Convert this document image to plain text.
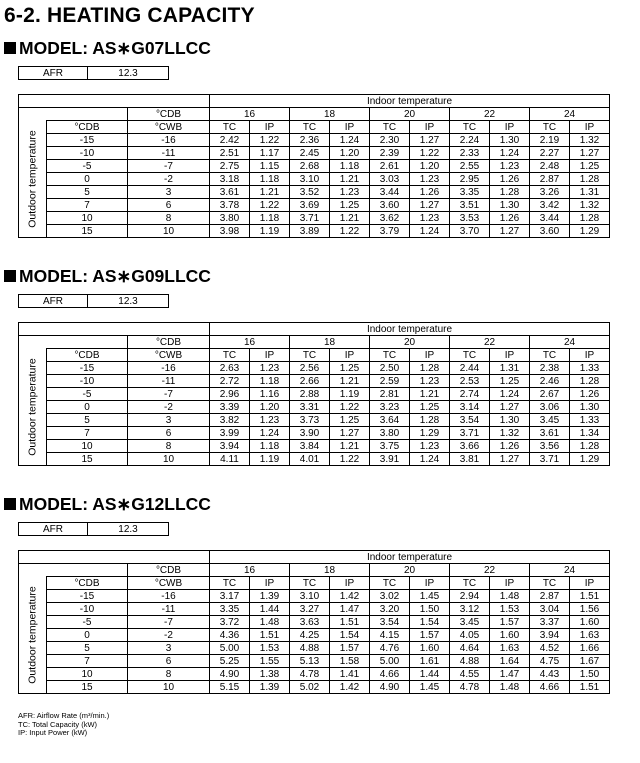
6-2. HEATING CAPACITY
MODEL: AS∗G07LLCC
AFR	12.3
			Indoor temperature									
		°CDB	16		18		20		22		24	

Outdoor temperature	°CDB	°CWB	TC	IP	TC	IP	TC	IP	TC	IP	TC	IP
	-15	-16	2.42	1.22	2.36	1.24	2.30	1.27	2.24	1.30	2.19	1.32
	-10	-11	2.51	1.17	2.45	1.20	2.39	1.22	2.33	1.24	2.27	1.27
	-5	-7	2.75	1.15	2.68	1.18	2.61	1.20	2.55	1.23	2.48	1.25
	0	-2	3.18	1.18	3.10	1.21	3.03	1.23	2.95	1.26	2.87	1.28
	5	3	3.61	1.21	3.52	1.23	3.44	1.26	3.35	1.28	3.26	1.31
	7	6	3.78	1.22	3.69	1.25	3.60	1.27	3.51	1.30	3.42	1.32
	10	8	3.80	1.18	3.71	1.21	3.62	1.23	3.53	1.26	3.44	1.28
	15	10	3.98	1.19	3.89	1.22	3.79	1.24	3.70	1.27	3.60	1.29
MODEL: AS∗G09LLCC
AFR	12.3
			Indoor temperature									
		°CDB	16		18		20		22		24	

Outdoor temperature	°CDB	°CWB	TC	IP	TC	IP	TC	IP	TC	IP	TC	IP
	-15	-16	2.63	1.23	2.56	1.25	2.50	1.28	2.44	1.31	2.38	1.33
	-10	-11	2.72	1.18	2.66	1.21	2.59	1.23	2.53	1.25	2.46	1.28
	-5	-7	2.96	1.16	2.88	1.19	2.81	1.21	2.74	1.24	2.67	1.26
	0	-2	3.39	1.20	3.31	1.22	3.23	1.25	3.14	1.27	3.06	1.30
	5	3	3.82	1.23	3.73	1.25	3.64	1.28	3.54	1.30	3.45	1.33
	7	6	3.99	1.24	3.90	1.27	3.80	1.29	3.71	1.32	3.61	1.34
	10	8	3.94	1.18	3.84	1.21	3.75	1.23	3.66	1.26	3.56	1.28
	15	10	4.11	1.19	4.01	1.22	3.91	1.24	3.81	1.27	3.71	1.29
MODEL: AS∗G12LLCC
AFR	12.3
			Indoor temperature									
		°CDB	16		18		20		22		24	

Outdoor temperature	°CDB	°CWB	TC	IP	TC	IP	TC	IP	TC	IP	TC	IP
	-15	-16	3.17	1.39	3.10	1.42	3.02	1.45	2.94	1.48	2.87	1.51
	-10	-11	3.35	1.44	3.27	1.47	3.20	1.50	3.12	1.53	3.04	1.56
	-5	-7	3.72	1.48	3.63	1.51	3.54	1.54	3.45	1.57	3.37	1.60
	0	-2	4.36	1.51	4.25	1.54	4.15	1.57	4.05	1.60	3.94	1.63
	5	3	5.00	1.53	4.88	1.57	4.76	1.60	4.64	1.63	4.52	1.66
	7	6	5.25	1.55	5.13	1.58	5.00	1.61	4.88	1.64	4.75	1.67
	10	8	4.90	1.38	4.78	1.41	4.66	1.44	4.55	1.47	4.43	1.50
	15	10	5.15	1.39	5.02	1.42	4.90	1.45	4.78	1.48	4.66	1.51
AFR: Airflow Rate (m³/min.)
TC: Total Capacity (kW)
IP: Input Power (kW)
